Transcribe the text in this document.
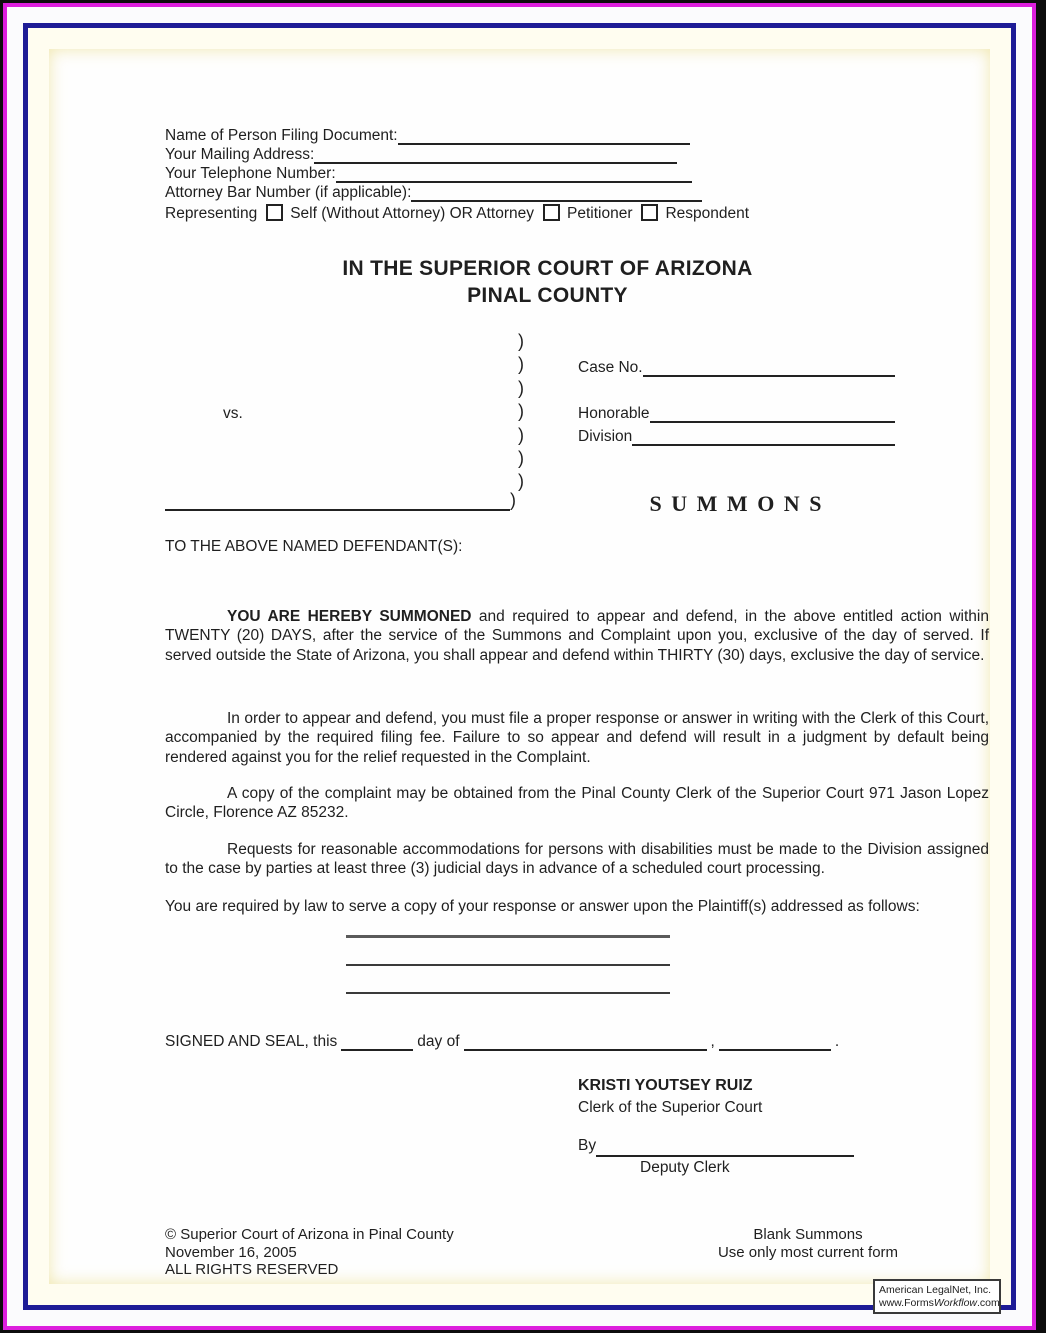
Name of Person Filing Document:
Your Mailing Address:
Your Telephone Number:
Attorney Bar Number (if applicable):
Representing Self (Without Attorney) OR Attorney Petitioner Respondent
IN THE SUPERIOR COURT OF ARIZONA
PINAL COUNTY
)
)
)
)
)
)
)
vs.
)
Case No.
Honorable
Division
S U M M O N S
TO THE ABOVE NAMED DEFENDANT(S):
YOU ARE HEREBY SUMMONED and required to appear and defend, in the above entitled action within TWENTY (20) DAYS, after the service of the Summons and Complaint upon you, exclusive of the day of served. If served outside the State of Arizona, you shall appear and defend within THIRTY (30) days, exclusive the day of service.
In order to appear and defend, you must file a proper response or answer in writing with the Clerk of this Court, accompanied by the required filing fee. Failure to so appear and defend will result in a judgment by default being rendered against you for the relief requested in the Complaint.
A copy of the complaint may be obtained from the Pinal County Clerk of the Superior Court 971 Jason Lopez Circle, Florence AZ 85232.
Requests for reasonable accommodations for persons with disabilities must be made to the Division assigned to the case by parties at least three (3) judicial days in advance of a scheduled court processing.
You are required by law to serve a copy of your response or answer upon the Plaintiff(s) addressed as follows:
SIGNED AND SEAL, this	day of	,	.
KRISTI YOUTSEY RUIZ
Clerk of the Superior Court
By
Deputy Clerk
© Superior Court of Arizona in Pinal County
November 16, 2005
ALL RIGHTS RESERVED
Blank Summons
Use only most current form
American LegalNet, Inc.
www.FormsWorkflow.com
